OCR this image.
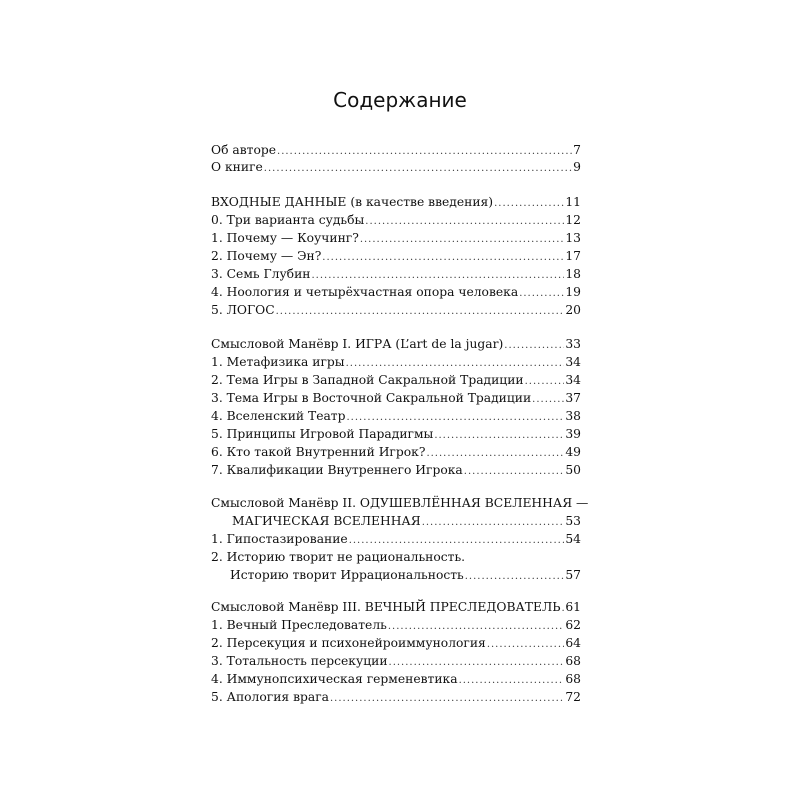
Содержание
Об авторе .....	7
О книге .....	9
ВХОДНЫЕ ДАННЫЕ (в качестве введения) .....	11
0. Три варианта судьбы .....	12
1. Почему — Коучинг? .....	13
2. Почему — Эн? .....	17
3. Семь Глубин .....	18
4. Ноология и четырёхчастная опора человека .....	19
5. ЛОГОС .....	20
Смысловой Манёвр I. ИГРА (L’art de la jugar) .....	33
1. Метафизика игры .....	34
2. Тема Игры в Западной Сакральной Традиции .....	34
3. Тема Игры в Восточной Сакральной Традиции .....	37
4. Вселенский Театр .....	38
5. Принципы Игровой Парадигмы .....	39
6. Кто такой Внутренний Игрок? .....	49
7. Квалификации Внутреннего Игрока .....	50
Смысловой Манёвр II. ОДУШЕВЛЁННАЯ ВСЕЛЕННАЯ —
МАГИЧЕСКАЯ ВСЕЛЕННАЯ .....	53
1. Гипостазирование .....	54
2. Историю творит не рациональность.
Историю творит Иррациональность .....	57
Смысловой Манёвр III. ВЕЧНЫЙ ПРЕСЛЕДОВАТЕЛЬ ..... 61
1. Вечный Преследователь .....	62
2. Персекуция и психонейроиммунология .....	64
3. Тотальность персекуции .....	68
4. Иммунопсихическая герменевтика .....	68
5. Апология врага .....	72
